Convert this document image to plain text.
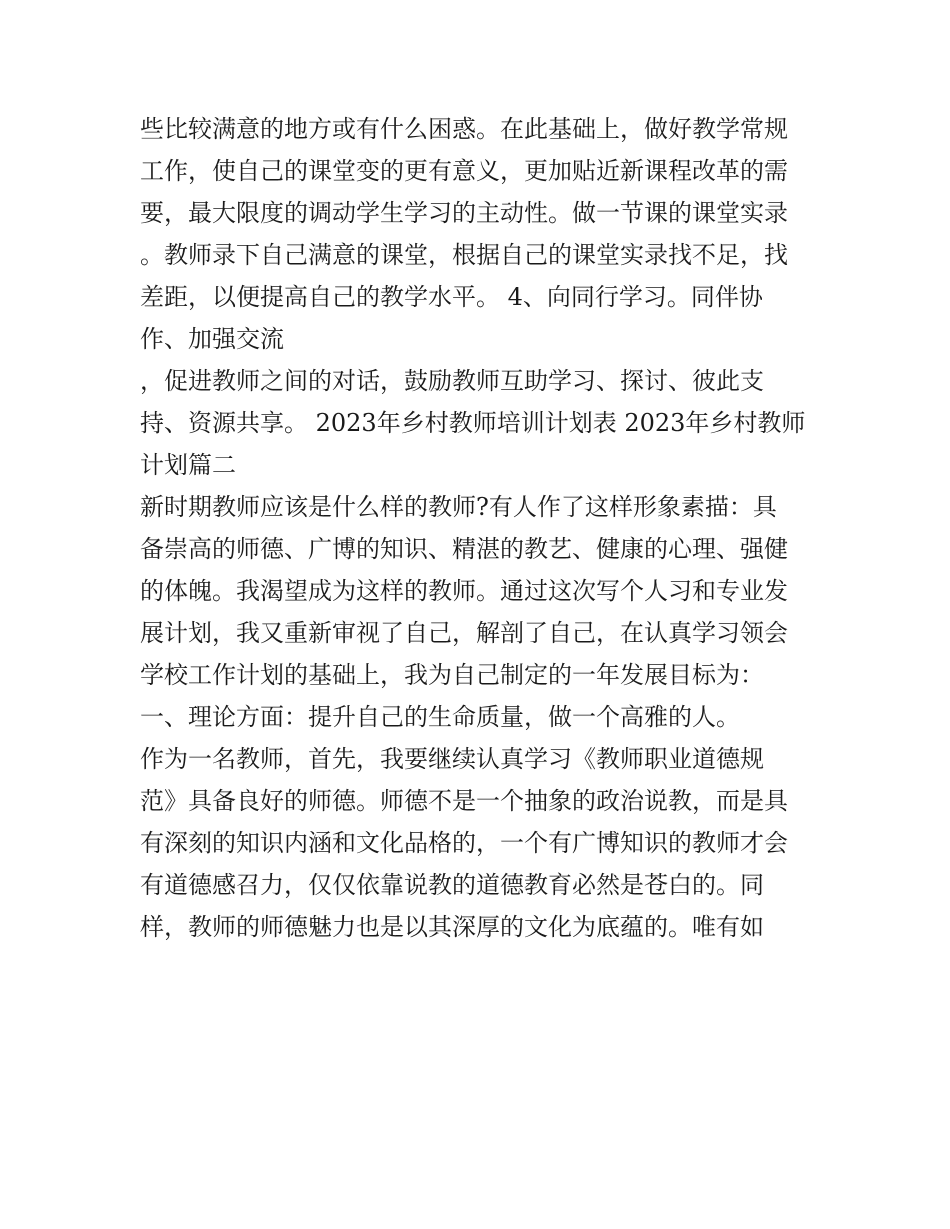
些比较满意的地方或有什么困惑。在此基础上，做好教学常规
工作，使自己的课堂变的更有意义，更加贴近新课程改革的需
要，最大限度的调动学生学习的主动性。做一节课的课堂实录
。教师录下自己满意的课堂，根据自己的课堂实录找不足，找
差距，以便提高自己的教学水平。 4、向同行学习。同伴协
作、加强交流
，促进教师之间的对话，鼓励教师互助学习、探讨、彼此支
持、资源共享。 2023年乡村教师培训计划表 2023年乡村教师
计划篇二
新时期教师应该是什么样的教师?有人作了这样形象素描：具
备崇高的师德、广博的知识、精湛的教艺、健康的心理、强健
的体魄。我渴望成为这样的教师。通过这次写个人习和专业发
展计划，我又重新审视了自己，解剖了自己，在认真学习领会
学校工作计划的基础上，我为自己制定的一年发展目标为：
一、理论方面：提升自己的生命质量，做一个高雅的人。
作为一名教师，首先，我要继续认真学习《教师职业道德规
范》具备良好的师德。师德不是一个抽象的政治说教，而是具
有深刻的知识内涵和文化品格的，一个有广博知识的教师才会
有道德感召力，仅仅依靠说教的道德教育必然是苍白的。同
样，教师的师德魅力也是以其深厚的文化为底蕴的。唯有如
